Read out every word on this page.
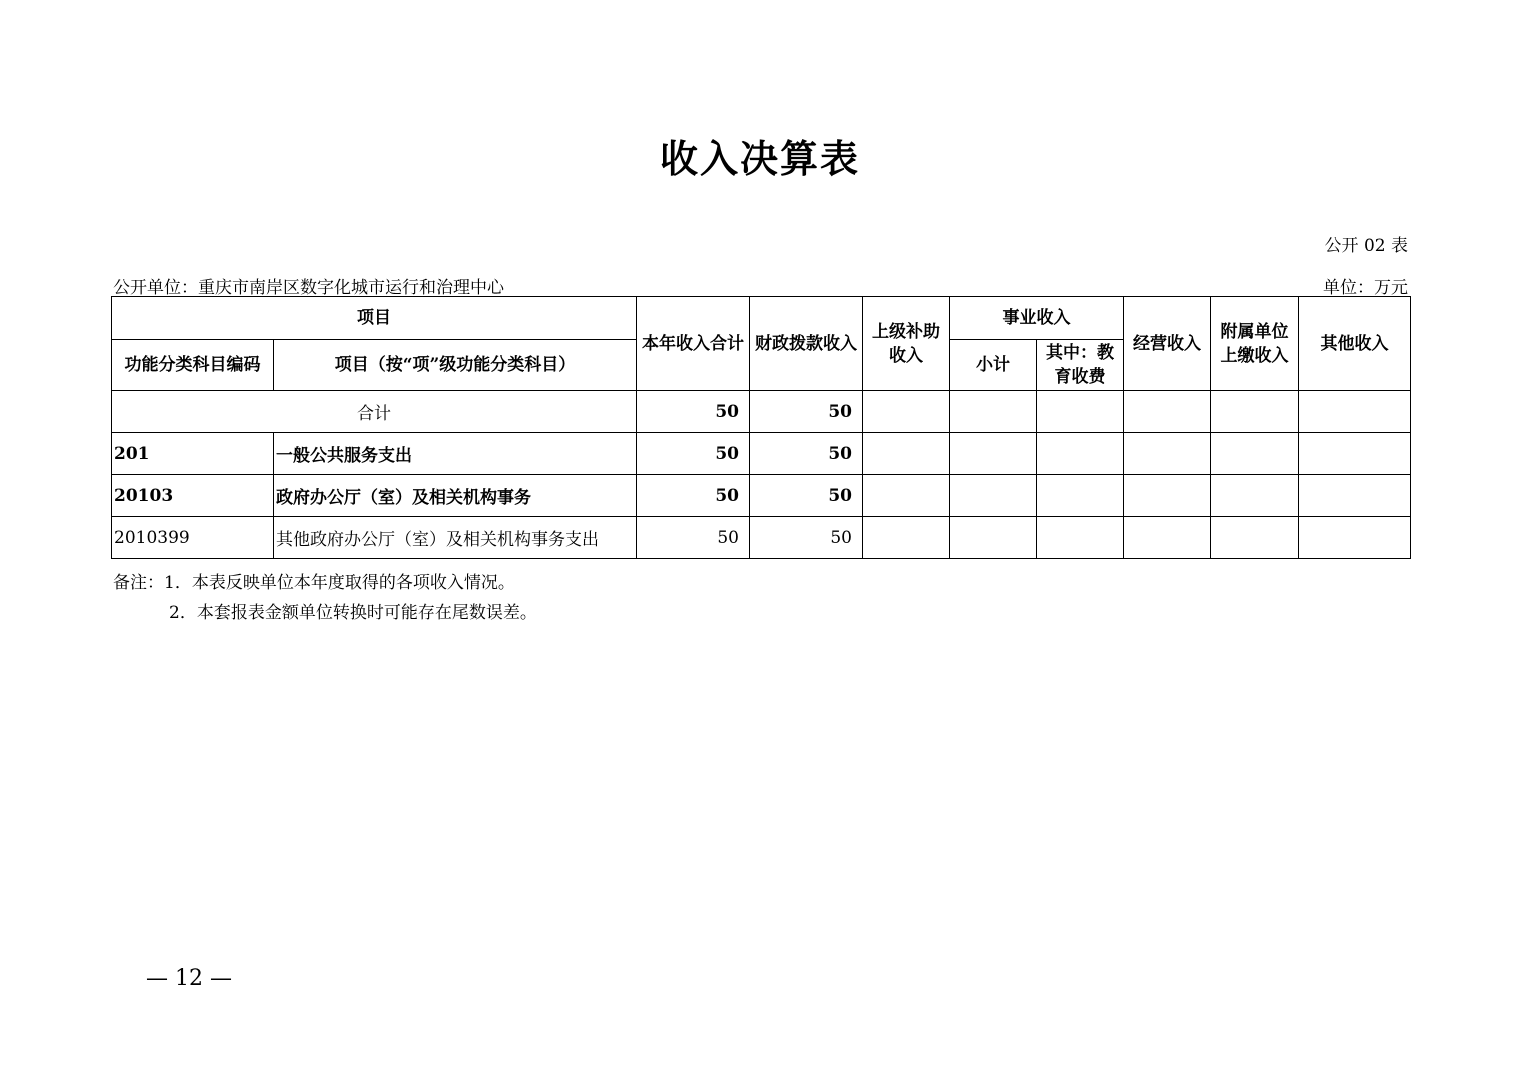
收入决算表
公开 02 表
公开单位：重庆市南岸区数字化城市运行和治理中心	单位：万元
项目		本年收入合计	财政拨款收入	上级补助收入	事业收入		经营收入	附属单位上缴收入	其他收入
功能分类科目编码	项目（按“项”级功能分类科目）				小计	其中：教育收费			
合计		50	50						
201	一般公共服务支出	50	50						
20103	政府办公厅（室）及相关机构事务	50	50						
2010399	其他政府办公厅（室）及相关机构事务支出	50	50						
备注：1．本表反映单位本年度取得的各项收入情况。
2．本套报表金额单位转换时可能存在尾数误差。
— 12 —
